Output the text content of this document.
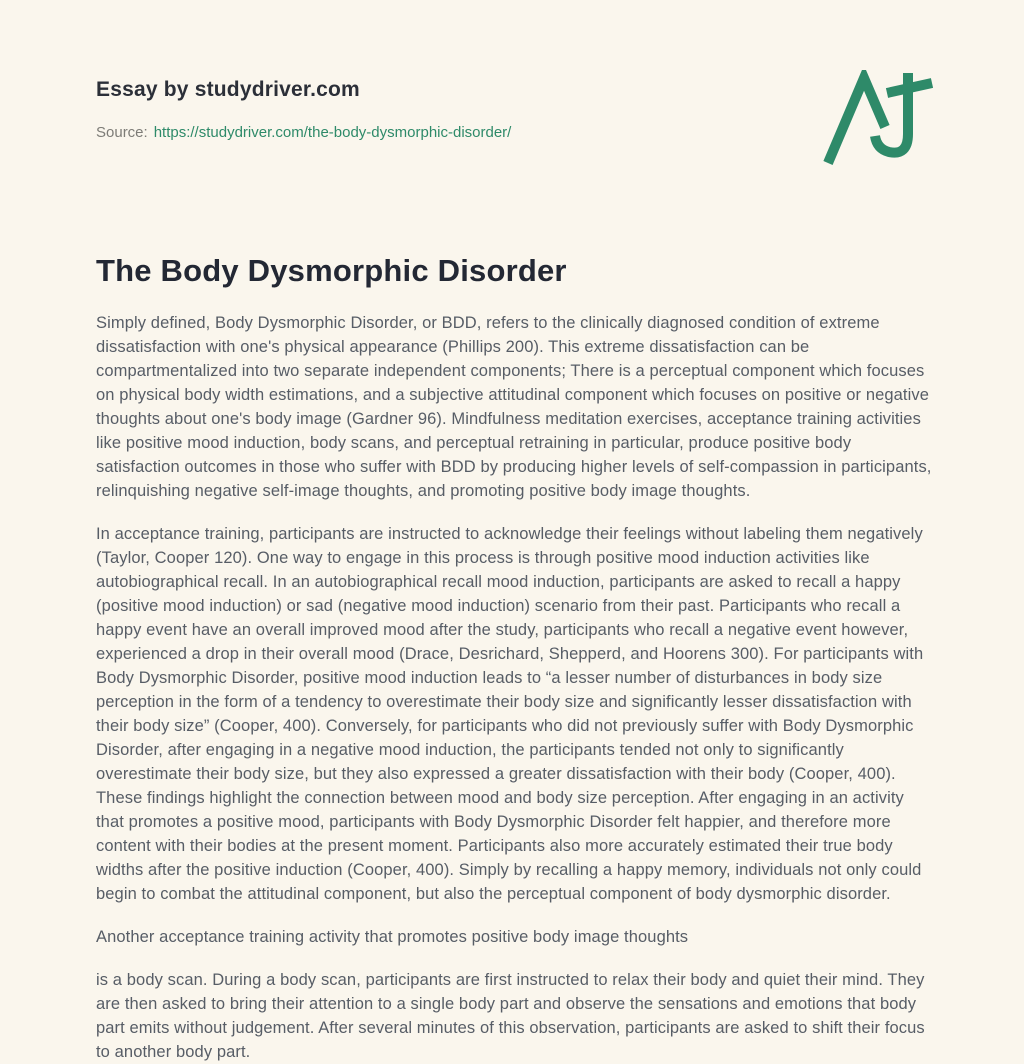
Essay by studydriver.com
Source: https://studydriver.com/the-body-dysmorphic-disorder/
The Body Dysmorphic Disorder

Simply defined, Body Dysmorphic Disorder, or BDD, refers to the clinically diagnosed condition of extreme dissatisfaction with one's physical appearance (Phillips 200). This extreme dissatisfaction can be compartmentalized into two separate independent components; There is a perceptual component which focuses on physical body width estimations, and a subjective attitudinal component which focuses on positive or negative thoughts about one's body image (Gardner 96). Mindfulness meditation exercises, acceptance training activities like positive mood induction, body scans, and perceptual retraining in particular, produce positive body satisfaction outcomes in those who suffer with BDD by producing higher levels of self-compassion in participants, relinquishing negative self-image thoughts, and promoting positive body image thoughts.

In acceptance training, participants are instructed to acknowledge their feelings without labeling them negatively (Taylor, Cooper 120). One way to engage in this process is through positive mood induction activities like autobiographical recall. In an autobiographical recall mood induction, participants are asked to recall a happy (positive mood induction) or sad (negative mood induction) scenario from their past. Participants who recall a happy event have an overall improved mood after the study, participants who recall a negative event however, experienced a drop in their overall mood (Drace, Desrichard, Shepperd, and Hoorens 300). For participants with Body Dysmorphic Disorder, positive mood induction leads to “a lesser number of disturbances in body size perception in the form of a tendency to overestimate their body size and significantly lesser dissatisfaction with their body size” (Cooper, 400). Conversely, for participants who did not previously suffer with Body Dysmorphic Disorder, after engaging in a negative mood induction, the participants tended not only to significantly overestimate their body size, but they also expressed a greater dissatisfaction with their body (Cooper, 400). These findings highlight the connection between mood and body size perception. After engaging in an activity that promotes a positive mood, participants with Body Dysmorphic Disorder felt happier, and therefore more content with their bodies at the present moment. Participants also more accurately estimated their true body widths after the positive induction (Cooper, 400). Simply by recalling a happy memory, individuals not only could begin to combat the attitudinal component, but also the perceptual component of body dysmorphic disorder.

Another acceptance training activity that promotes positive body image thoughts

is a body scan. During a body scan, participants are first instructed to relax their body and quiet their mind. They are then asked to bring their attention to a single body part and observe the sensations and emotions that body part emits without judgement. After several minutes of this observation, participants are asked to shift their focus to another body part.
